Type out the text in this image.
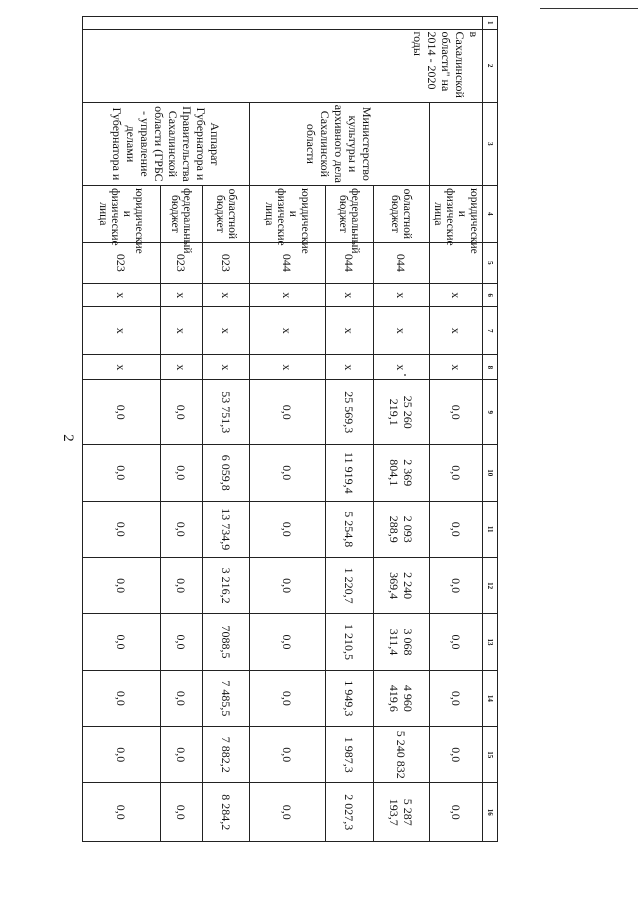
2
1	2	3	4	5	6	7	8	9	10	11	12	13	14	15	16
	в Сахалинской области" на 2014 - 2020 годы		юридические и физические лица		x	x	x	0,0	0,0	0,0	0,0	0,0	0,0	0,0	0,0
		Министерство культуры и архивного дела Сахалинской области	областной бюджет	044	x	x	x	25 260 219,1	2 369 804,1	2 093 288,9	2 240 369,4	3 068 311,4	4 960 419,6	5 240 832	5 287 193,7
			федеральный бюджет	044	x	x	x	25 569,3	11 919,4	5 254,8	1 220,7	1 210,5	1 949,3	1 987,3	2 027,3
			юридические и физические лица	044	x	x	x	0,0	0,0	0,0	0,0	0,0	0,0	0,0	0,0
		Аппарат Губернатора и Правительства Сахалинской области (ГРБС - управление делами Губернатора и	областной бюджет	023	x	x	x	53 751,3	6 059,8	13 734,9	3 216,2	7088,5	7 485,5	7 882,2	8 284,2
			федеральный бюджет	023	x	x	x	0,0	0,0	0,0	0,0	0,0	0,0	0,0	0,0
			юридические и физические лица	023	x	x	x	0,0	0,0	0,0	0,0	0,0	0,0	0,0	0,0
